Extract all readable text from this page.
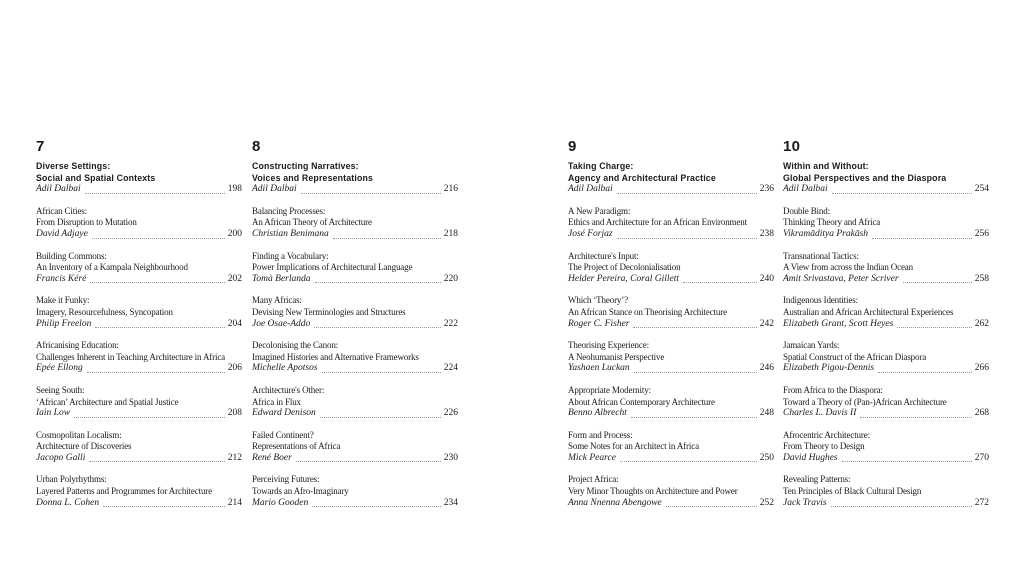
7
Diverse Settings:
Social and Spatial Contexts
Adil Dalbai	198
African Cities:
From Disruption to Mutation
David Adjaye	200
Building Commons:
An Inventory of a Kampala Neighbourhood
Francis Kéré	202
Make it Funky:
Imagery, Resourcefulness, Syncopation
Philip Freelon	204
Africanising Education:
Challenges Inherent in Teaching Architecture in Africa
Epée Ellong	206
Seeing South:
‘African’ Architecture and Spatial Justice
Iain Low	208
Cosmopolitan Localism:
Architecture of Discoveries
Jacopo Galli	212
Urban Polyrhythms:
Layered Patterns and Programmes for Architecture
Donna L. Cohen	214
8
Constructing Narratives:
Voices and Representations
Adil Dalbai	216
Balancing Processes:
An African Theory of Architecture
Christian Benimana	218
Finding a Vocabulary:
Power Implications of Architectural Language
Tomà Berlanda	220
Many Africas:
Devising New Terminologies and Structures
Joe Osae-Addo	222
Decolonising the Canon:
Imagined Histories and Alternative Frameworks
Michelle Apotsos	224
Architecture's Other:
Africa in Flux
Edward Denison	226
Failed Continent?
Representations of Africa
René Boer	230
Perceiving Futures:
Towards an Afro-Imaginary
Mario Gooden	234
9
Taking Charge:
Agency and Architectural Practice
Adil Dalbai	236
A New Paradigm:
Ethics and Architecture for an African Environment
José Forjaz	238
Architecture's Input:
The Project of Decolonialisation
Helder Pereira, Coral Gillett	240
Which ‘Theory’?
An African Stance on Theorising Architecture
Roger C. Fisher	242
Theorising Experience:
A Neohumanist Perspective
Yashaen Luckan	246
Appropriate Modernity:
About African Contemporary Architecture
Benno Albrecht	248
Form and Process:
Some Notes for an Architect in Africa
Mick Pearce	250
Project Africa:
Very Minor Thoughts on Architecture and Power
Anna Nnenna Abengowe	252
10
Within and Without:
Global Perspectives and the Diaspora
Adil Dalbai	254
Double Bind:
Thinking Theory and Africa
Vikramāditya Prakāsh	256
Transnational Tactics:
A View from across the Indian Ocean
Amit Srivastava, Peter Scriver	258
Indigenous Identities:
Australian and African Architectural Experiences
Elizabeth Grant, Scott Heyes	262
Jamaican Yards:
Spatial Construct of the African Diaspora
Elizabeth Pigou-Dennis	266
From Africa to the Diaspora:
Toward a Theory of (Pan-)African Architecture
Charles L. Davis II	268
Afrocentric Architecture:
From Theory to Design
David Hughes	270
Revealing Patterns:
Ten Principles of Black Cultural Design
Jack Travis	272
